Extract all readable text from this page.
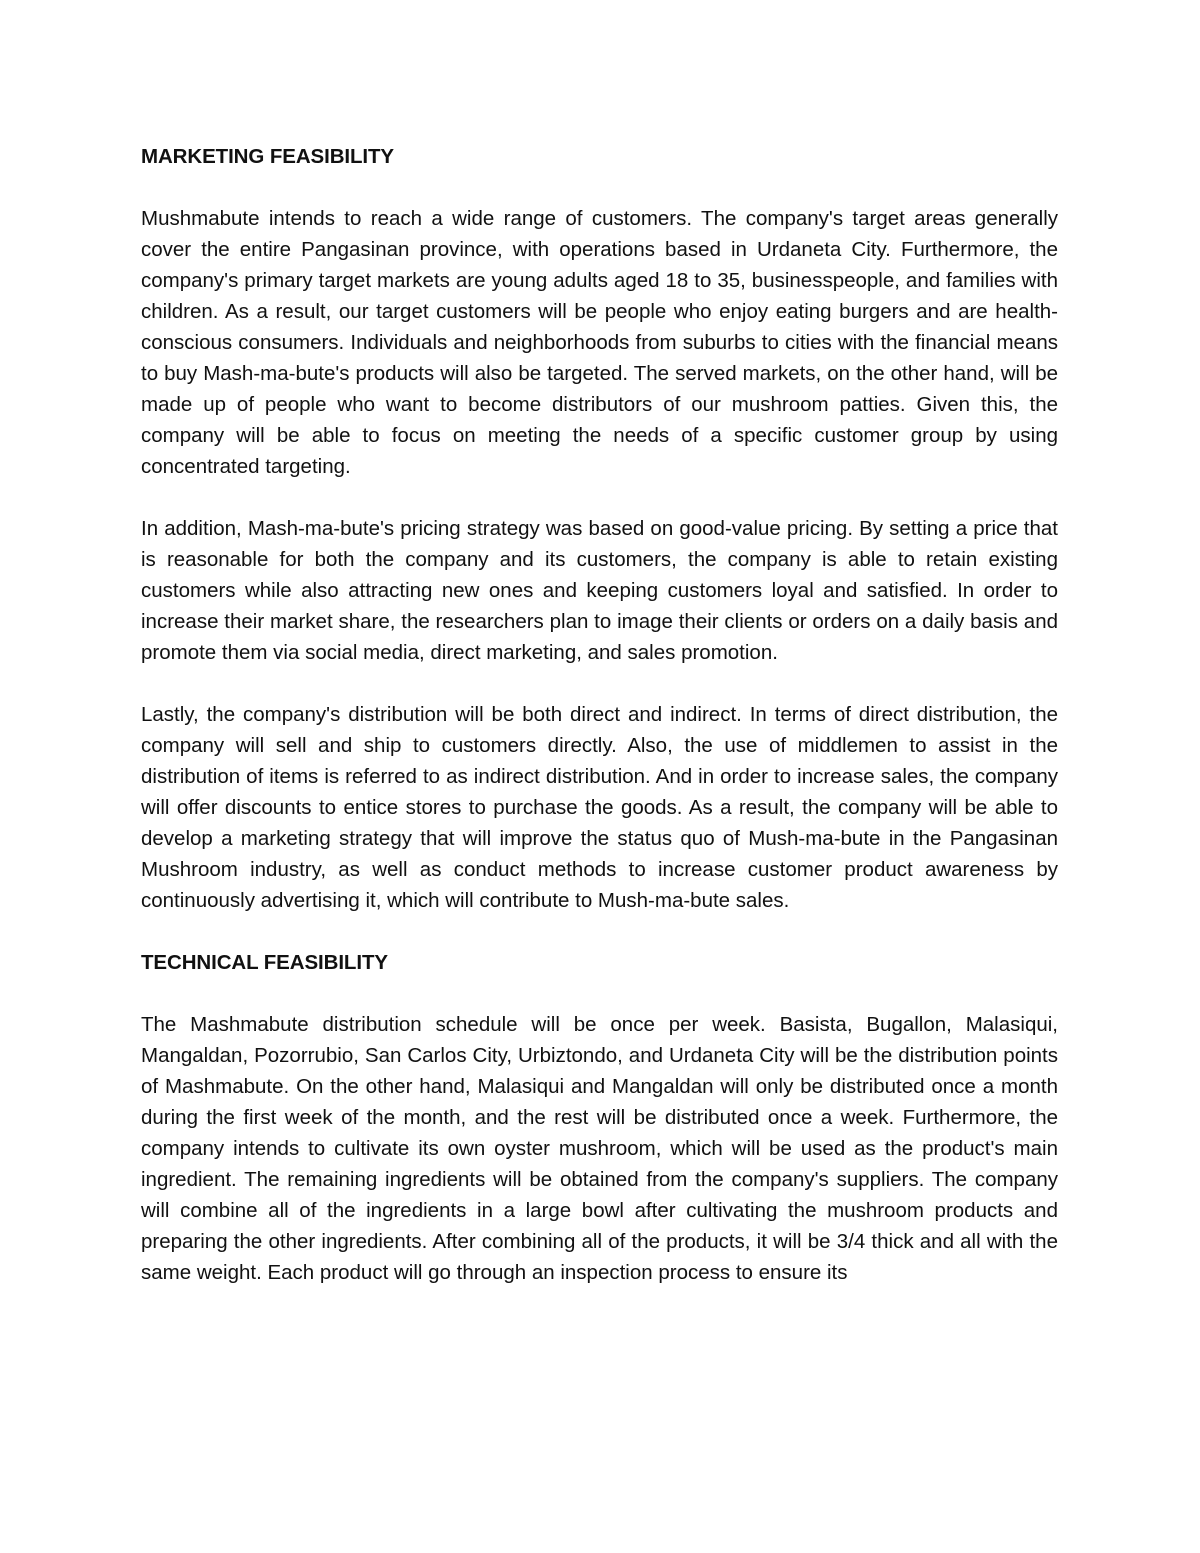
MARKETING FEASIBILITY

Mushmabute intends to reach a wide range of customers. The company's target areas generally cover the entire Pangasinan province, with operations based in Urdaneta City. Furthermore, the company's primary target markets are young adults aged 18 to 35, businesspeople, and families with children. As a result, our target customers will be people who enjoy eating burgers and are health-conscious consumers. Individuals and neighborhoods from suburbs to cities with the financial means to buy Mash-ma-bute's products will also be targeted. The served markets, on the other hand, will be made up of people who want to become distributors of our mushroom patties. Given this, the company will be able to focus on meeting the needs of a specific customer group by using concentrated targeting.

In addition, Mash-ma-bute's pricing strategy was based on good-value pricing. By setting a price that is reasonable for both the company and its customers, the company is able to retain existing customers while also attracting new ones and keeping customers loyal and satisfied. In order to increase their market share, the researchers plan to image their clients or orders on a daily basis and promote them via social media, direct marketing, and sales promotion.

Lastly, the company's distribution will be both direct and indirect. In terms of direct distribution, the company will sell and ship to customers directly. Also, the use of middlemen to assist in the distribution of items is referred to as indirect distribution. And in order to increase sales, the company will offer discounts to entice stores to purchase the goods. As a result, the company will be able to develop a marketing strategy that will improve the status quo of Mush-ma-bute in the Pangasinan Mushroom industry, as well as conduct methods to increase customer product awareness by continuously advertising it, which will contribute to Mush-ma-bute sales.

TECHNICAL FEASIBILITY

The Mashmabute distribution schedule will be once per week. Basista, Bugallon, Malasiqui, Mangaldan, Pozorrubio, San Carlos City, Urbiztondo, and Urdaneta City will be the distribution points of Mashmabute. On the other hand, Malasiqui and Mangaldan will only be distributed once a month during the first week of the month, and the rest will be distributed once a week. Furthermore, the company intends to cultivate its own oyster mushroom, which will be used as the product's main ingredient. The remaining ingredients will be obtained from the company's suppliers. The company will combine all of the ingredients in a large bowl after cultivating the mushroom products and preparing the other ingredients. After combining all of the products, it will be 3/4 thick and all with the same weight. Each product will go through an inspection process to ensure its
